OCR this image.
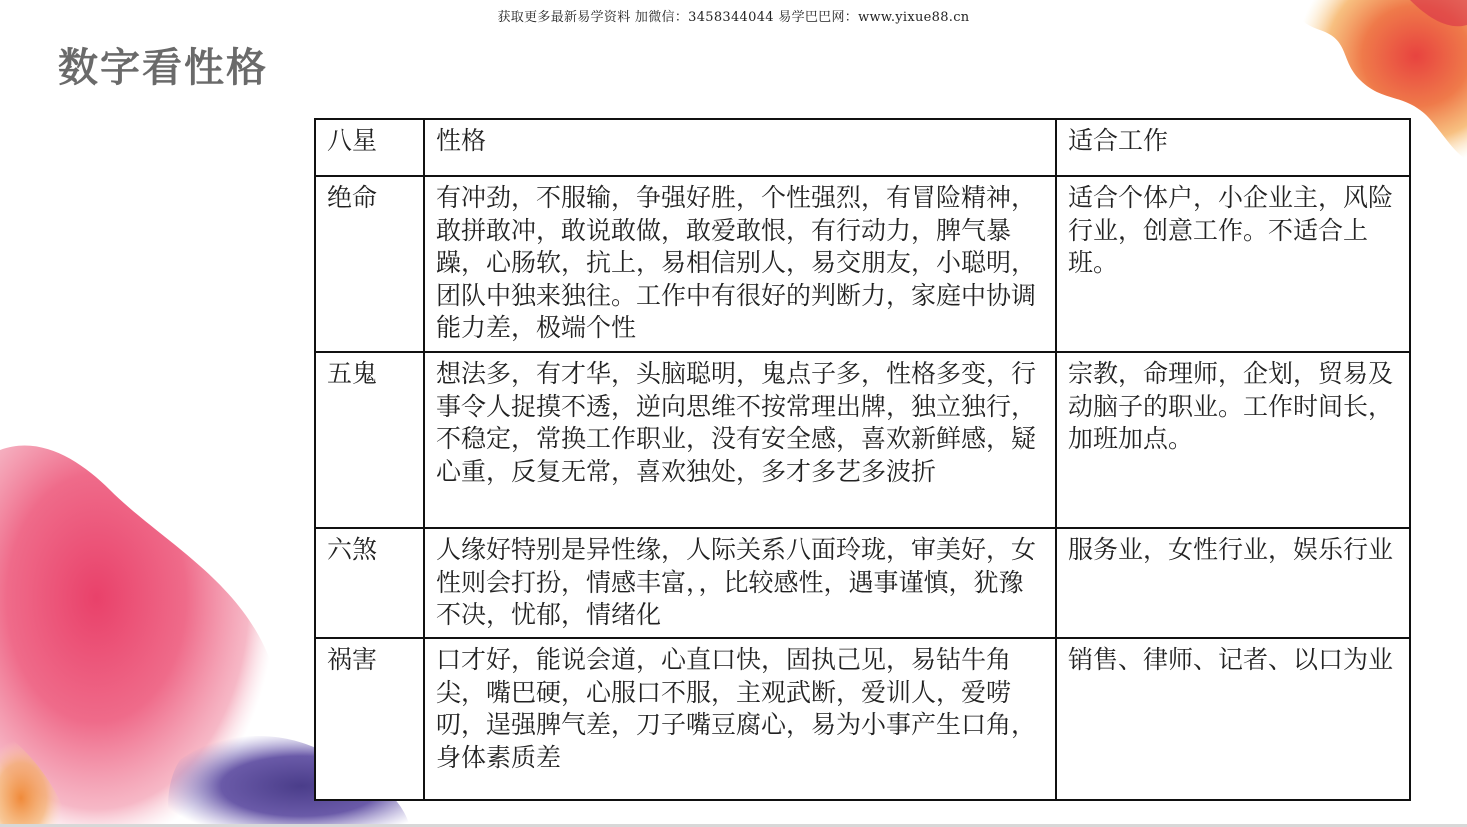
获取更多最新易学资料 加微信：3458344044 易学巴巴网：www.yixue88.cn
数字看性格
八星	性格	适合工作
绝命	有冲劲，不服输，争强好胜，个性强烈，有冒险精神，敢拼敢冲，敢说敢做，敢爱敢恨，有行动力，脾气暴躁，心肠软，抗上，易相信别人，易交朋友，小聪明，团队中独来独往。工作中有很好的判断力，家庭中协调能力差，极端个性	适合个体户，小企业主，风险行业，创意工作。不适合上班。
五鬼	想法多，有才华，头脑聪明，鬼点子多，性格多变，行事令人捉摸不透，逆向思维不按常理出牌，独立独行，不稳定，常换工作职业，没有安全感，喜欢新鲜感，疑心重，反复无常，喜欢独处，多才多艺多波折	宗教，命理师，企划，贸易及动脑子的职业。工作时间长，加班加点。
六煞	人缘好特别是异性缘，人际关系八面玲珑，审美好，女性则会打扮，情感丰富，，比较感性，遇事谨慎，犹豫不决，忧郁，情绪化	服务业，女性行业，娱乐行业
祸害	口才好，能说会道，心直口快，固执己见，易钻牛角尖，嘴巴硬，心服口不服，主观武断，爱训人，爱唠叨，逞强脾气差，刀子嘴豆腐心，易为小事产生口角，身体素质差	销售、律师、记者、以口为业
